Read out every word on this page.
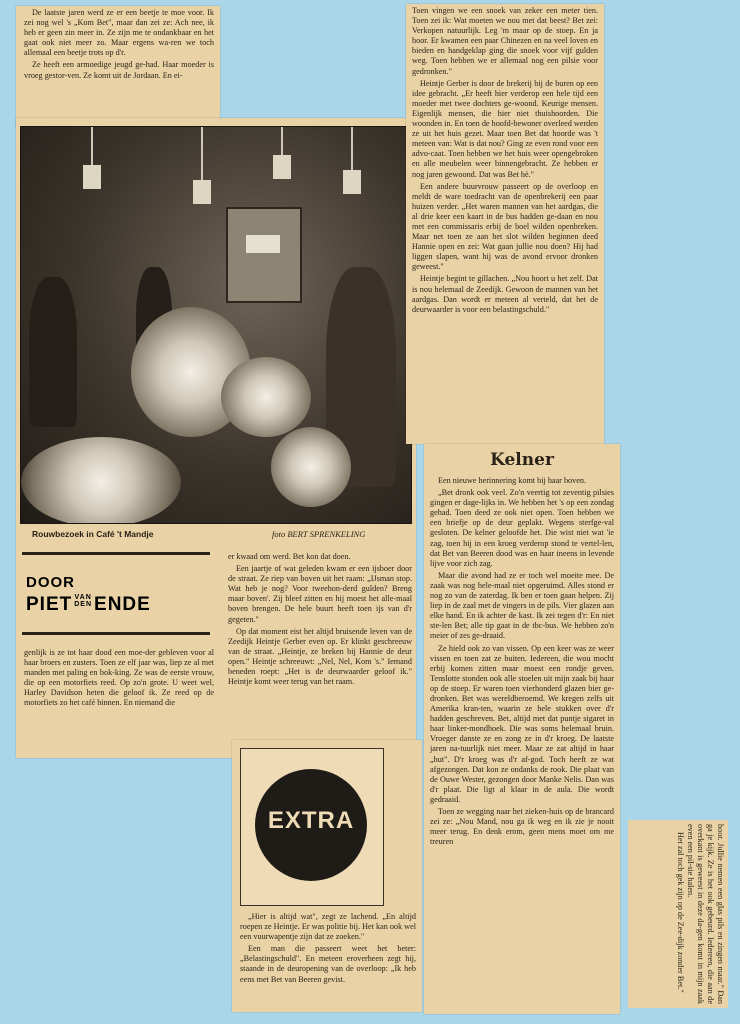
De laatste jaren werd ze er een beetje te moe voor. Ik zei nog wel 's „Kom Bet", maar dan zei ze: Ach nee, ik heb er geen zin meer in. Ze zijn me te ondankbaar en het gaat ook niet meer zo. Maar ergens wa-ren we toch allemaal een beetje trots op d'r.

Ze heeft een armoedige jeugd ge-had. Haar moeder is vroeg gestor-ven. Ze komt uit de Jordaan. En ei-

Rouwbezoek in Café 't Mandje	foto BERT SPRENKELING
DOOR
PIET VAN
DEN ENDE

genlijk is ze tot haar dood een moe-der gebleven voor al haar broers en zusters. Toen ze elf jaar was, liep ze al met manden met paling en bok-king. Ze was de eerste vrouw, die op een motorfiets reed. Op zo'n grote. U weet wel, Harley Davidson heten die geloof ik. Ze reed op de motorfiets zo het café binnen. En niemand die

er kwaad om werd. Bet kon dat doen.

Een jaartje of wat geleden kwam er een ijsboer door de straat. Ze riep van boven uit het raam: „IJsman stop. Wat heb je nog? Voor tweehon-derd gulden? Breng maar boven'. Zij bleef zitten en hij moest het alle-maal boven brengen. De hele buurt heeft toen ijs van d'r gegeten."

Op dat moment eist het altijd bruisende leven van de Zeedijk Heintje Gerber even op. Er klinkt geschreeuw van de straat. „Heintje, ze breken bij Hannie de deur open." Heintje schreeuwt: „Nel, Nel, Kom 's." Iemand beneden roept: „Het is de deurwaarder geloof ik." Heintje komt weer terug van het raam.

EXTRA

„Hier is altijd wat", zegt ze lachend. „En altijd roepen ze Heintje. Er was politie bij. Het kan ook wel een vuurwapentje zijn dat ze zoeken."

Een man die passeert weet het beter: „Belastingschuld". En meteen eroverheen zegt hij, staande in de deuropening van de overloop: „Ik heb eens met Bet van Beeren gevist.

Toen vingen we een snoek van zeker een meter tien. Toen zei ik: Wat moeten we nou met dat beest? Bet zei: Verkopen natuurlijk. Leg 'm maar op de stoep. En ja hoor. Er kwamen een paar Chinezen en na veel loven en bieden en handgeklap ging die snoek voor vijf gulden weg. Toen hebben we er allemaal nog een pilsie voor gedronken."

Heintje Gerber is door de brekerij bij de buren op een idee gebracht. „Er heeft hier verderop een hele tijd een moeder met twee dochters ge-woond. Keurige mensen. Eigenlijk mensen, die hier niet thuishoorden. Die woonden in. En toen de hoofd-bewoner overleed werden ze uit het huis gezet. Maar toen Bet dat hoorde was 't meteen van: Wat is dat nou? Ging ze even rond voor een advo-caat. Toen hebben we het huis weer opengebroken en alle meubelen weer binnengebracht. Ze hebben er nog jaren gewoond. Dat was Bet hè."

Een andere buurvrouw passeert op de overloop en meldt de ware toedracht van de openbrekerij een paar huizen verder. „Het waren mannen van het aardgas, die al drie keer een kaart in de bus hadden ge-daan en nou met een commissaris erbij de boel wilden openbreken. Maar net toen ze aan het slot wilden beginnen deed Hannie open en zei: Wat gaan jullie nou doen? Hij had liggen slapen, want hij was de avond ervoor dronken geweest."

Heintje begint te gillachen. „Nou hoort u het zelf. Dat is nou helemaal de Zeedijk. Gewoon de mannen van het aardgas. Dan wordt er meteen al verteld, dat het de deurwaarder is voor een belastingschuld."

Kelner

Een nieuwe herinnering komt bij haar boven.

„Bet dronk ook veel. Zo'n veertig tot zeventig pilsies gingen er dage-lijks in. We hebben het 's op een zondag gehad. Toen deed ze ook niet open. Toen hebben we een briefje op de deur geplakt. Wegens sterfge-val gesloten. De kelner geloofde het. Die wist niet wat 'ie zag, toen hij in een kroeg verderop stond te vertel-len, dat Bet van Beeren dood was en haar ineens in levende lijve voor zich zag.

Maar die avond had ze er toch wel moeite mee. De zaak was nog hele-maal niet opgeruimd. Alles stond er nog zo van de zaterdag. Ik ben er toen gaan helpen. Zij liep in de zaal met de vingers in de pils. Vier glazen aan elke hand. En ik achter de kast. Ik zei tegen d'r: En niet ste-len Bet; alle tip gaat in de tbc-bus. We hebben zo'n meier of zes ge-draaid.

Ze hield ook zo van vissen. Op een keer was ze weer vissen en toen zat ze buiten. Iedereen, die wou mocht erbij komen zitten maar moest een rondje geven. Tenslotte stonden ook alle stoelen uit mijn zaak bij haar op de stoep. Er waren toen vierhonderd glazen bier ge-dronken. Bet was wereldberoemd. We kregen zelfs uit Amerika kran-ten, waarin ze hele stukken over d'r hadden geschreven. Bet, altijd met dat puntje sigaret in haar linker-mondhoek. Die was soms helemaal bruin. Vroeger danste ze en zong ze in d'r kroeg. De laatste jaren na-tuurlijk niet meer. Maar ze zat altijd in haar „hut". D'r kroeg was d'r af-god. Toch heeft ze wat afgezongen. Dat kon ze ondanks de rook. Die plaat van de Ouwe Wester, gezongen door Manke Nelis. Dan was d'r plaat. Die ligt al klaar in de aula. Die wordt gedraaid.

Toen ze wegging naar het zieken-huis op de brancard zei ze: „Nou Mand, nou ga ik weg en ik zie je nooit meer terug. En denk erom, geen mens moet om me treuren	hoor. Jullie nemen een glas pils en zingen maar." Dan ga je kijk. Ze is het ook gebeurd. Iedereen, die aan de overkant is geweest in deze da-gen komt in mijn zaak even een pil-sie halen.

Het zal toch gek zijn op de Zee-dijk zonder Bet."
